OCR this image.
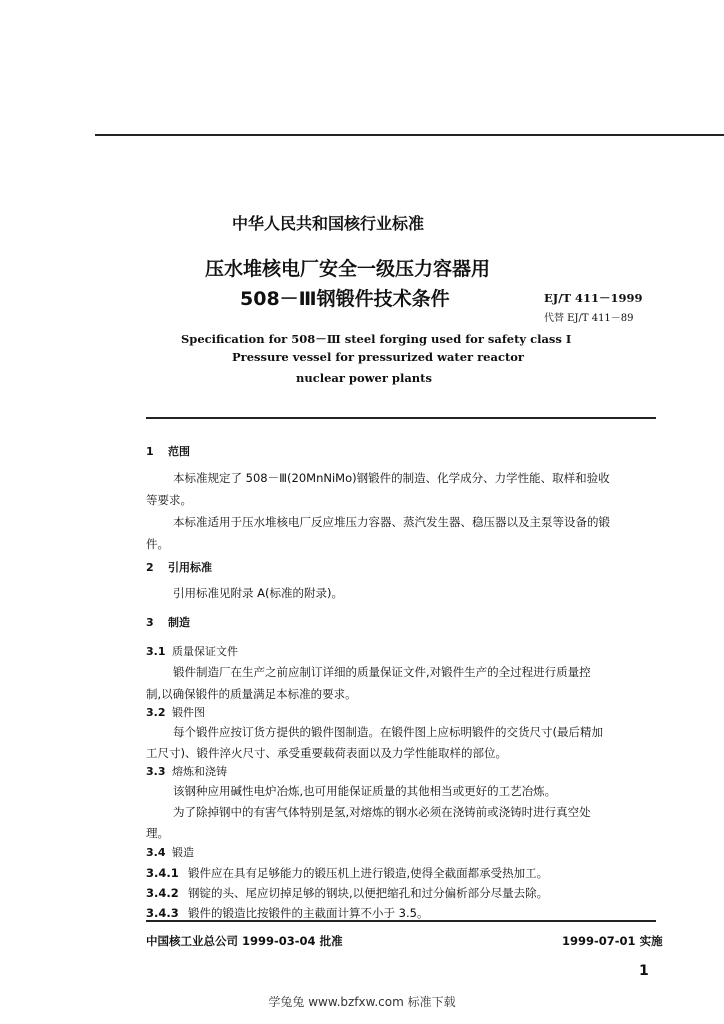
中华人民共和国核行业标准
压水堆核电厂安全一级压力容器用
508－Ⅲ钢锻件技术条件	EJ/T 411－1999
代替 EJ/T 411－89
Specification for 508－Ⅲ steel forging used for safety class I
Pressure vessel for pressurized water reactor
nuclear power plants
1 范围
本标准规定了 508－Ⅲ(20MnNiMo)钢锻件的制造、化学成分、力学性能、取样和验收
等要求。
本标准适用于压水堆核电厂反应堆压力容器、蒸汽发生器、稳压器以及主泵等设备的锻
件。
2 引用标准
引用标准见附录 A(标准的附录)。
3 制造
3.1 质量保证文件
锻件制造厂在生产之前应制订详细的质量保证文件,对锻件生产的全过程进行质量控
制,以确保锻件的质量满足本标准的要求。
3.2 锻件图
每个锻件应按订货方提供的锻件图制造。在锻件图上应标明锻件的交货尺寸(最后精加
工尺寸)、锻件淬火尺寸、承受重要载荷表面以及力学性能取样的部位。
3.3 熔炼和浇铸
该钢种应用碱性电炉冶炼,也可用能保证质量的其他相当或更好的工艺冶炼。
为了除掉钢中的有害气体特别是氢,对熔炼的钢水必须在浇铸前或浇铸时进行真空处
理。
3.4 锻造
3.4.1 锻件应在具有足够能力的锻压机上进行锻造,使得全截面都承受热加工。
3.4.2 钢锭的头、尾应切掉足够的钢块,以便把缩孔和过分偏析部分尽量去除。
3.4.3 锻件的锻造比按锻件的主截面计算不小于 3.5。
中国核工业总公司 1999-03-04 批准	1999-07-01 实施
1
学兔兔 www.bzfxw.com 标准下载
